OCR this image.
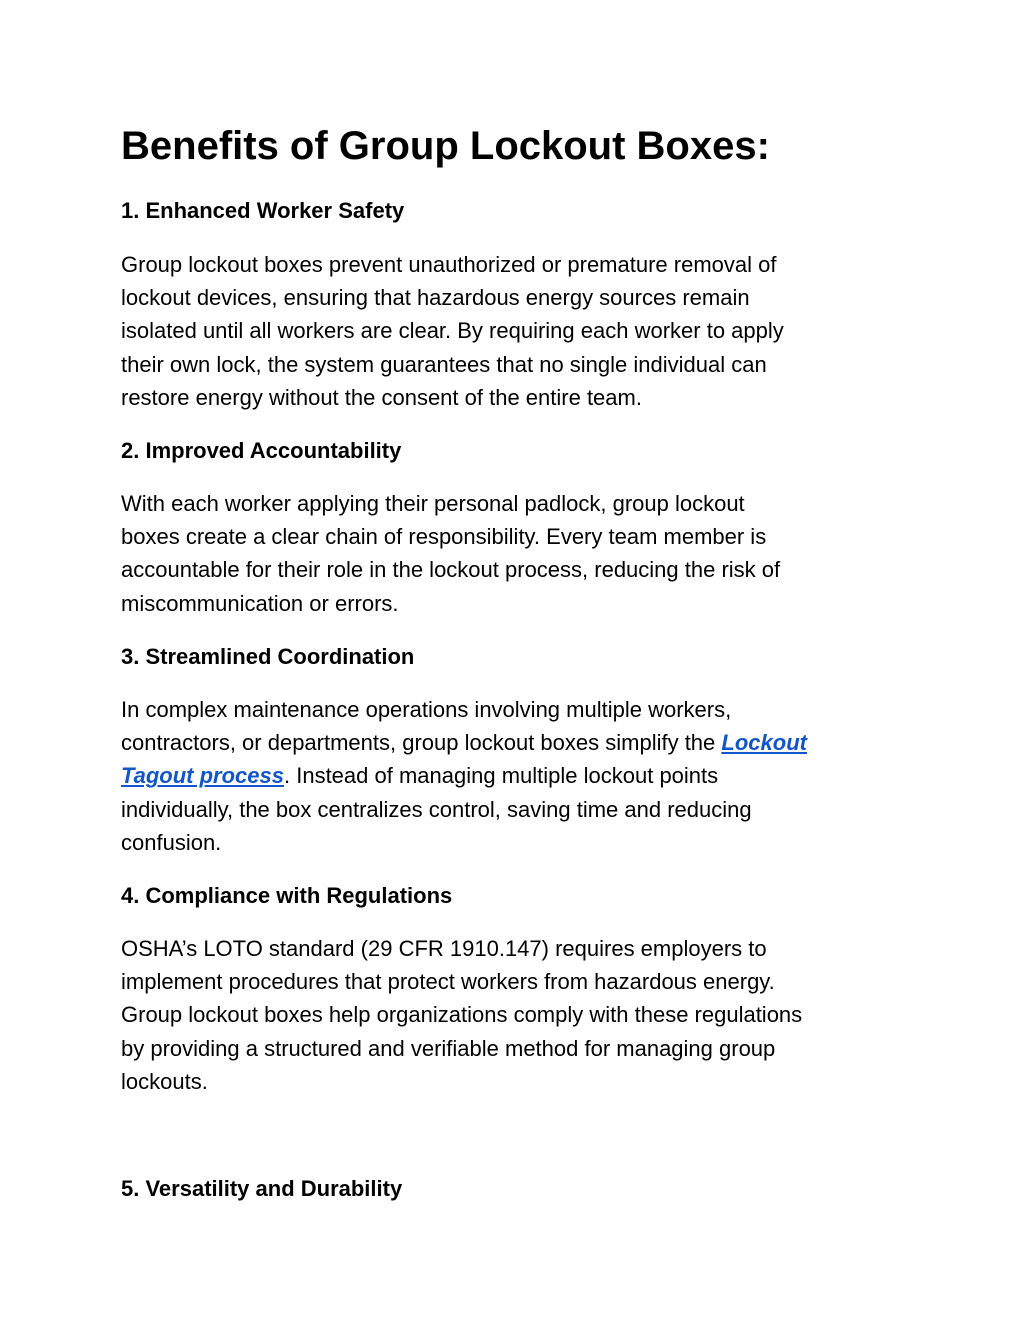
Benefits of Group Lockout Boxes:
1. Enhanced Worker Safety

Group lockout boxes prevent unauthorized or premature removal of
lockout devices, ensuring that hazardous energy sources remain
isolated until all workers are clear. By requiring each worker to apply
their own lock, the system guarantees that no single individual can
restore energy without the consent of the entire team.

2. Improved Accountability

With each worker applying their personal padlock, group lockout
boxes create a clear chain of responsibility. Every team member is
accountable for their role in the lockout process, reducing the risk of
miscommunication or errors.

3. Streamlined Coordination

In complex maintenance operations involving multiple workers,
contractors, or departments, group lockout boxes simplify the Lockout
Tagout process. Instead of managing multiple lockout points
individually, the box centralizes control, saving time and reducing
confusion.

4. Compliance with Regulations

OSHA’s LOTO standard (29 CFR 1910.147) requires employers to
implement procedures that protect workers from hazardous energy.
Group lockout boxes help organizations comply with these regulations
by providing a structured and verifiable method for managing group
lockouts.

5. Versatility and Durability
